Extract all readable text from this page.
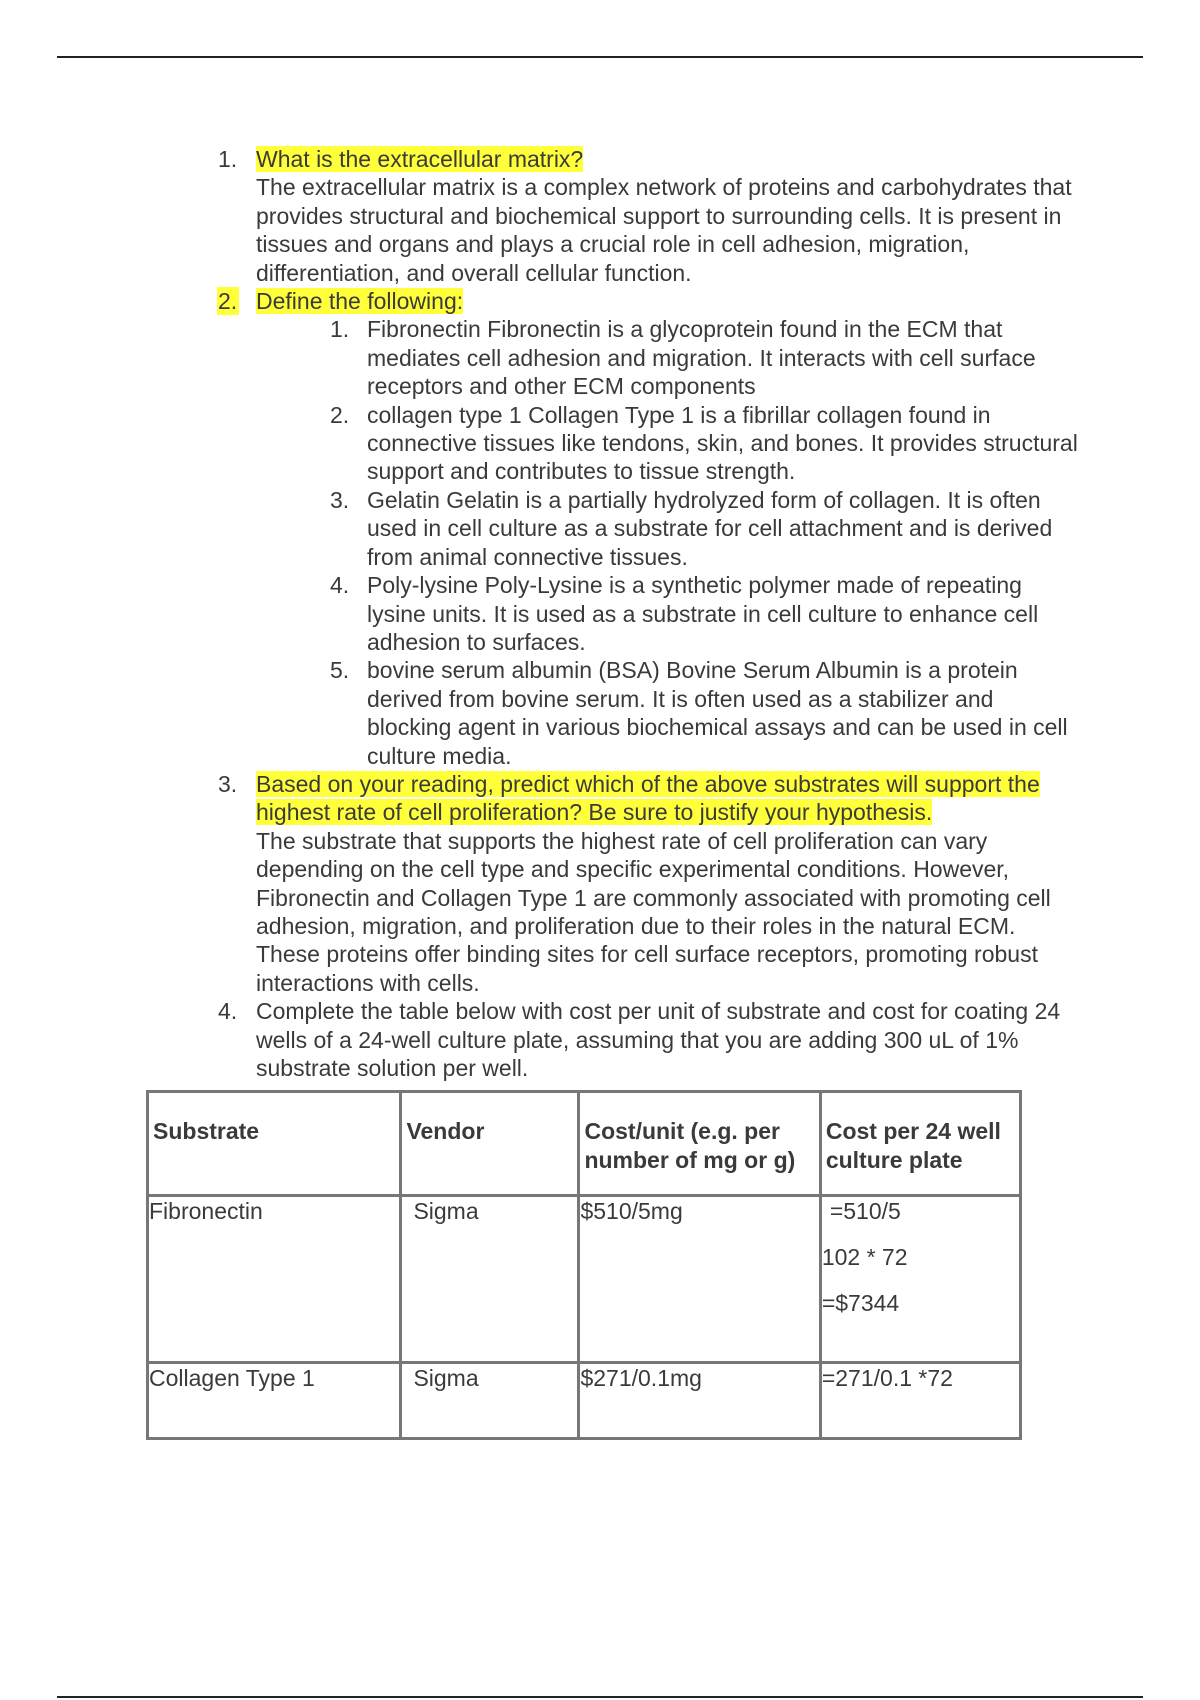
1. What is the extracellular matrix?
The extracellular matrix is a complex network of proteins and carbohydrates that provides structural and biochemical support to surrounding cells. It is present in tissues and organs and plays a crucial role in cell adhesion, migration, differentiation, and overall cellular function.
2. Define the following:
1. Fibronectin Fibronectin is a glycoprotein found in the ECM that mediates cell adhesion and migration. It interacts with cell surface receptors and other ECM components
2. collagen type 1 Collagen Type 1 is a fibrillar collagen found in connective tissues like tendons, skin, and bones. It provides structural support and contributes to tissue strength.
3. Gelatin Gelatin is a partially hydrolyzed form of collagen. It is often used in cell culture as a substrate for cell attachment and is derived from animal connective tissues.
4. Poly-lysine Poly-Lysine is a synthetic polymer made of repeating lysine units. It is used as a substrate in cell culture to enhance cell adhesion to surfaces.
5. bovine serum albumin (BSA) Bovine Serum Albumin is a protein derived from bovine serum. It is often used as a stabilizer and blocking agent in various biochemical assays and can be used in cell culture media.
3. Based on your reading, predict which of the above substrates will support the highest rate of cell proliferation? Be sure to justify your hypothesis.
The substrate that supports the highest rate of cell proliferation can vary depending on the cell type and specific experimental conditions. However, Fibronectin and Collagen Type 1 are commonly associated with promoting cell adhesion, migration, and proliferation due to their roles in the natural ECM. These proteins offer binding sites for cell surface receptors, promoting robust interactions with cells.
4. Complete the table below with cost per unit of substrate and cost for coating 24 wells of a 24-well culture plate, assuming that you are adding 300 uL of 1% substrate solution per well.
Substrate	Vendor	Cost/unit (e.g. per number of mg or g)	Cost per 24 well culture plate
Fibronectin	Sigma	$510/5mg	=510/5
102 * 72
=$7344

Collagen Type 1	Sigma	$271/0.1mg	=271/0.1 *72
